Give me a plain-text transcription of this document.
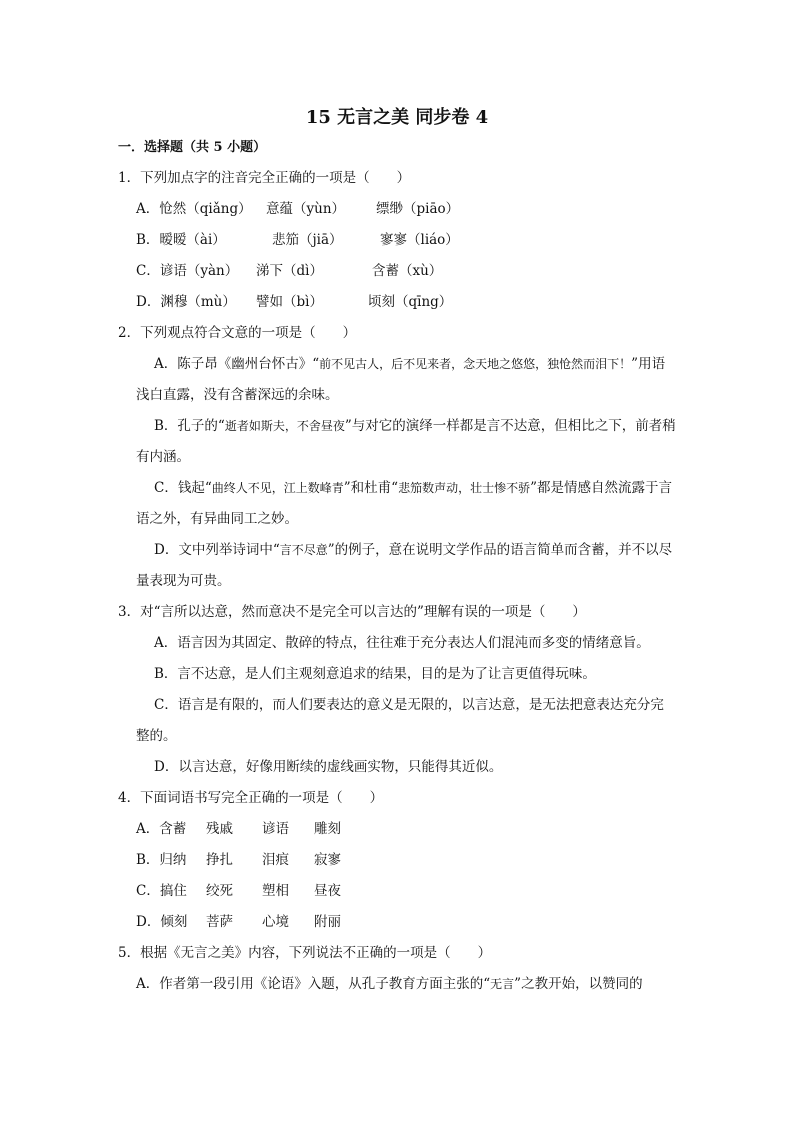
15 无言之美 同步卷 4
一．选择题（共 5 小题）
1．下列加点字的注音完全正确的一项是（　　）
A．怆然（qiǎng） 意蕴（yùn） 缥缈（piāo）
B．暧暧（ài）	悲笳（jiā）	寥寥（liáo）
C．谚语（yàn） 涕下（dì）	含蓄（xù）
D．渊穆（mù） 譬如（bì）	顷刻（qīng）
2．下列观点符合文意的一项是（　　）
A．陈子昂《幽州台怀古》“前不见古人，后不见来者，念天地之悠悠，独怆然而泪下！”用语浅白直露，没有含蓄深远的余味。
B．孔子的“逝者如斯夫，不舍昼夜”与对它的演绎一样都是言不达意，但相比之下，前者稍有内涵。
C．钱起“曲终人不见，江上数峰青”和杜甫“悲笳数声动，壮士惨不骄”都是情感自然流露于言语之外，有异曲同工之妙。
D．文中列举诗词中“言不尽意”的例子，意在说明文学作品的语言简单而含蓄，并不以尽量表现为可贵。
3．对“言所以达意，然而意决不是完全可以言达的”理解有误的一项是（　　）
A．语言因为其固定、散碎的特点，往往难于充分表达人们混沌而多变的情绪意旨。
B．言不达意，是人们主观刻意追求的结果，目的是为了让言更值得玩味。
C．语言是有限的，而人们要表达的意义是无限的，以言达意，是无法把意表达充分完整的。
D．以言达意，好像用断续的虚线画实物，只能得其近似。
4．下面词语书写完全正确的一项是（　　）
A．含蓄 残戚 谚语 雕刻
B．归纳 挣扎 泪痕 寂寥
C．搞住 绞死 塑相 昼夜
D．倾刻 菩萨 心境 附丽
5．根据《无言之美》内容，下列说法不正确的一项是（　　）
A．作者第一段引用《论语》入题，从孔子教育方面主张的“无言”之教开始，以赞同的
